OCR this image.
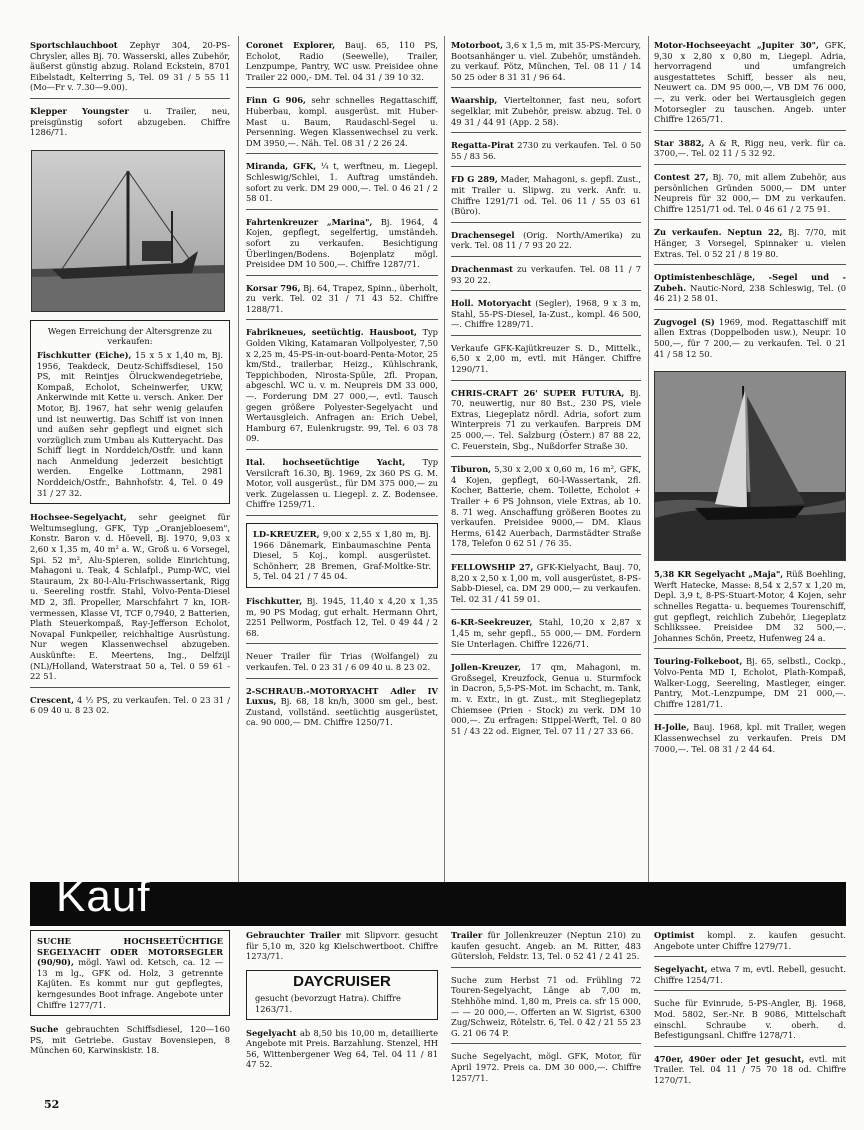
Sportschlauchboot Zephyr 304, 20-PS-Chrysler, alles Bj. 70. Wasserski, alles Zubehör, äußerst günstig abzug. Roland Eckstein, 8701 Eibelstadt, Kelterring 5, Tel. 09 31 / 5 55 11 (Mo—Fr v. 7.30—9.00).
Klepper Youngster u. Trailer, neu, preisgünstig sofort abzugeben. Chiffre 1286/71.
Wegen Erreichung der Altersgrenze zu verkaufen:
Fischkutter (Eiche), 15 x 5 x 1,40 m, Bj. 1956, Teakdeck, Deutz-Schiffsdiesel, 150 PS, mit Reintjes Ölruckwendegetriebe, Kompaß, Echolot, Scheinwerfer, UKW, Ankerwinde mit Kette u. versch. Anker. Der Motor, Bj. 1967, hat sehr wenig gelaufen und ist neuwertig. Das Schiff ist von innen und außen sehr gepflegt und eignet sich vorzüglich zum Umbau als Kutteryacht. Das Schiff liegt in Norddeich/Ostfr. und kann nach Anmeldung jederzeit besichtigt werden. Engelke Lottmann, 2981 Norddeich/Ostfr., Bahnhofstr. 4, Tel. 0 49 31 / 27 32.
Hochsee-Segelyacht, sehr geeignet für Weltumseglung, GFK, Typ „Oranjebloesem", Konstr. Baron v. d. Höevell, Bj. 1970, 9,03 x 2,60 x 1,35 m, 40 m² a. W., Groß u. 6 Vorsegel, Spi. 52 m², Alu-Spieren, solide Einrichtung, Mahagoni u. Teak, 4 Schlafpl., Pump-WC, viel Stauraum, 2x 80-l-Alu-Frischwassertank, Rigg u. Seereling rostfr. Stahl, Volvo-Penta-Diesel MD 2, 3fl. Propeller, Marschfahrt 7 kn, IOR-vermessen, Klasse VI, TCF 0,7940, 2 Batterien, Plath Steuerkompaß, Ray-Jefferson Echolot, Novapal Funkpeiler, reichhaltige Ausrüstung. Nur wegen Klassenwechsel abzugeben. Auskünfte: E. Meertens, Ing., Delfzijl (NL)/Holland, Waterstraat 50 a, Tel. 0 59 61 - 22 51.
Crescent, 4 ½ PS, zu verkaufen. Tel. 0 23 31 / 6 09 40 u. 8 23 02.
Coronet Explorer, Bauj. 65, 110 PS, Echolot, Radio (Seewelle), Trailer, Lenzpumpe, Pantry, WC usw. Preisidee ohne Trailer 22 000,- DM. Tel. 04 31 / 39 10 32.
Finn G 906, sehr schnelles Regattaschiff, Huberbau, kompl. ausgerüst. mit Huber-Mast u. Baum, Raudaschl-Segel u. Persenning. Wegen Klassenwechsel zu verk. DM 3950,—. Näh. Tel. 08 31 / 2 26 24.
Miranda, GFK, ¼ t, werftneu, m. Liegepl. Schleswig/Schlei, 1. Auftrag umständeh. sofort zu verk. DM 29 000,—. Tel. 0 46 21 / 2 58 01.
Fahrtenkreuzer „Marina", Bj. 1964, 4 Kojen, gepflegt, segelfertig, umständeh. sofort zu verkaufen. Besichtigung Überlingen/Bodens. Bojenplatz mögl. Preisidee DM 10 500,—. Chiffre 1287/71.
Korsar 796, Bj. 64, Trapez, Spinn., überholt, zu verk. Tel. 02 31 / 71 43 52. Chiffre 1288/71.
Fabrikneues, seetüchtig. Hausboot, Typ Golden Viking, Katamaran Vollpolyester, 7,50 x 2,25 m, 45-PS-in-out-board-Penta-Motor, 25 km/Std., trailerbar, Heizg., Kühlschrank, Teppichboden, Nirosta-Spüle, 2fl. Propan, abgeschl. WC u. v. m. Neupreis DM 33 000,—. Forderung DM 27 000,—, evtl. Tausch gegen größere Polyester-Segelyacht und Wertausgleich. Anfragen an: Erich Uebel, Hamburg 67, Eulenkrugstr. 99, Tel. 6 03 78 09.
Ital. hochseetüchtige Yacht, Typ Versilcraft 16.30, Bj. 1969, 2x 360 PS G. M. Motor, voll ausgerüst., für DM 375 000,— zu verk. Zugelassen u. Liegepl. z. Z. Bodensee. Chiffre 1259/71.
LD-KREUZER, 9,00 x 2,55 x 1,80 m, Bj. 1966 Dänemark, Einbaumaschine Penta Diesel, 5 Koj., kompl. ausgerüstet. Schönherr, 28 Bremen, Graf-Moltke-Str. 5, Tel. 04 21 / 7 45 04.
Fischkutter, Bj. 1945, 11,40 x 4,20 x 1,35 m, 90 PS Modag, gut erhalt. Hermann Ohrt, 2251 Pellworm, Postfach 12, Tel. 0 49 44 / 2 68.
Neuer Trailer für Trias (Wolfangel) zu verkaufen. Tel. 0 23 31 / 6 09 40 u. 8 23 02.
2-SCHRAUB.-MOTORYACHT Adler IV Luxus, Bj. 68, 18 kn/h, 3000 sm gel., best. Zustand, vollständ. seetüchtig ausgerüstet, ca. 90 000,— DM. Chiffre 1250/71.
Motorboot, 3,6 x 1,5 m, mit 35-PS-Mercury, Bootsanhänger u. viel. Zubehör, umständeh. zu verkauf. Pötz, München, Tel. 08 11 / 14 50 25 oder 8 31 31 / 96 64.
Waarship, Vierteltonner, fast neu, sofort segelklar, mit Zubehör, preisw. abzug. Tel. 0 49 31 / 44 91 (App. 2 58).
Regatta-Pirat 2730 zu verkaufen. Tel. 0 50 55 / 83 56.
FD G 289, Mader, Mahagoni, s. gepfl. Zust., mit Trailer u. Slipwg. zu verk. Anfr. u. Chiffre 1291/71 od. Tel. 06 11 / 55 03 61 (Büro).
Drachensegel (Orig. North/Amerika) zu verk. Tel. 08 11 / 7 93 20 22.
Drachenmast zu verkaufen. Tel. 08 11 / 7 93 20 22.
Holl. Motoryacht (Segler), 1968, 9 x 3 m, Stahl, 55-PS-Diesel, Ia-Zust., kompl. 46 500,—. Chiffre 1289/71.
Verkaufe GFK-Kajütkreuzer S. D., Mittelk., 6,50 x 2,00 m, evtl. mit Hänger. Chiffre 1290/71.
CHRIS-CRAFT 26' SUPER FUTURA, Bj. 70, neuwertig, nur 80 Bst., 230 PS, viele Extras, Liegeplatz nördl. Adria, sofort zum Winterpreis 71 zu verkaufen. Barpreis DM 25 000,—. Tel. Salzburg (Österr.) 87 88 22, C. Feuerstein, Sbg., Nußdorfer Straße 30.
Tiburon, 5,30 x 2,00 x 0,60 m, 16 m², GFK, 4 Kojen, gepflegt, 60-l-Wassertank, 2fl. Kocher, Batterie, chem. Toilette, Echolot + Trailer + 6 PS Johnson, viele Extras, ab 10. 8. 71 weg. Anschaffung größeren Bootes zu verkaufen. Preisidee 9000,— DM. Klaus Herms, 6142 Auerbach, Darmstädter Straße 178, Telefon 0 62 51 / 76 35.
FELLOWSHIP 27, GFK-Kielyacht, Bauj. 70, 8,20 x 2,50 x 1,00 m, voll ausgerüstet, 8-PS-Sabb-Diesel, ca. DM 29 000,— zu verkaufen. Tel. 02 31 / 41 59 01.
6-KR-Seekreuzer, Stahl, 10,20 x 2,87 x 1,45 m, sehr gepfl., 55 000,— DM. Fordern Sie Unterlagen. Chiffre 1226/71.
Jollen-Kreuzer, 17 qm, Mahagoni, m. Großsegel, Kreuzfock, Genua u. Sturmfock in Dacron, 5,5-PS-Mot. im Schacht, m. Tank, m. v. Extr., in gt. Zust., mit Stegliegeplatz Chiemsee (Prien - Stock) zu verk. DM 10 000,—. Zu erfragen: Stippel-Werft, Tel. 0 80 51 / 43 22 od. Eigner, Tel. 07 11 / 27 33 66.
Motor-Hochseeyacht „Jupiter 30", GFK, 9,30 x 2,80 x 0,80 m, Liegepl. Adria, hervorragend und umfangreich ausgestattetes Schiff, besser als neu, Neuwert ca. DM 95 000,—, VB DM 76 000,—, zu verk. oder bei Wertausgleich gegen Motorsegler zu tauschen. Angeb. unter Chiffre 1265/71.
Star 3882, A & R, Rigg neu, verk. für ca. 3700,—. Tel. 02 11 / 5 32 92.
Contest 27, Bj. 70, mit allem Zubehör, aus persönlichen Gründen 5000,— DM unter Neupreis für 32 000,— DM zu verkaufen. Chiffre 1251/71 od. Tel. 0 46 61 / 2 75 91.
Zu verkaufen. Neptun 22, Bj. 7/70, mit Hänger, 3 Vorsegel, Spinnaker u. vielen Extras. Tel. 0 52 21 / 8 19 80.
Optimistenbeschläge, -Segel und -Zubeh. Nautic-Nord, 238 Schleswig, Tel. (0 46 21) 2 58 01.
Zugvogel (S) 1969, mod. Regattaschiff mit allen Extras (Doppelboden usw.), Neupr. 10 500,—, für 7 200,— zu verkaufen. Tel. 0 21 41 / 58 12 50.
5,38 KR Segelyacht „Maja", Rüß Boehling, Werft Hatecke, Masse: 8,54 x 2,57 x 1,20 m, Depl. 3,9 t, 8-PS-Stuart-Motor, 4 Kojen, sehr schnelles Regatta- u. bequemes Tourenschiff, gut gepflegt, reichlich Zubehör, Liegeplatz Schlikssee. Preisidee DM 32 500,—. Johannes Schön, Preetz, Hufenweg 24 a.
Touring-Folkeboot, Bj. 65, selbstl., Cockp., Volvo-Penta MD I, Echolot, Plath-Kompaß, Walker-Logg, Seereling, Mastleger, einger. Pantry, Mot.-Lenzpumpe, DM 21 000,—. Chiffre 1281/71.
H-Jolle, Bauj. 1968, kpl. mit Trailer, wegen Klassenwechsel zu verkaufen. Preis DM 7000,—. Tel. 08 31 / 2 44 64.
Kauf
SUCHE HOCHSEETÜCHTIGE SEGELYACHT ODER MOTORSEGLER (90/90), mögl. Yawl od. Ketsch, ca. 12 — 13 m lg., GFK od. Holz, 3 getrennte Kajüten. Es kommt nur gut gepflegtes, kerngesundes Boot infrage. Angebote unter Chiffre 1277/71.
Suche gebrauchten Schiffsdiesel, 120—160 PS, mit Getriebe. Gustav Bovensiepen, 8 München 60, Karwinskistr. 18.
Gebrauchter Trailer mit Slipvorr. gesucht für 5,10 m, 320 kg Kielschwertboot. Chiffre 1273/71.
DAYCRUISER
gesucht (bevorzugt Hatra). Chiffre 1263/71.
Segelyacht ab 8,50 bis 10,00 m, detaillierte Angebote mit Preis. Barzahlung. Stenzel, HH 56, Wittenbergener Weg 64, Tel. 04 11 / 81 47 52.
Trailer für Jollenkreuzer (Neptun 210) zu kaufen gesucht. Angeb. an M. Ritter, 483 Gütersloh, Feldstr. 13, Tel. 0 52 41 / 2 41 25.
Suche zum Herbst 71 od. Frühling 72 Touren-Segelyacht, Länge ab 7,00 m, Stehhöhe mind. 1,80 m, Preis ca. sfr 15 000,— — 20 000,—. Offerten an W. Sigrist, 6300 Zug/Schweiz, Rötelstr. 6, Tel. 0 42 / 21 55 23 G. 21 06 74 P.
Suche Segelyacht, mögl. GFK, Motor, für April 1972. Preis ca. DM 30 000,—. Chiffre 1257/71.
Optimist kompl. z. kaufen gesucht. Angebote unter Chiffre 1279/71.
Segelyacht, etwa 7 m, evtl. Rebell, gesucht. Chiffre 1254/71.
Suche für Evinrude, 5-PS-Angler, Bj. 1968, Mod. 5802, Ser.-Nr. B 9086, Mittelschaft einschl. Schraube v. oberh. d. Befestigungsanl. Chiffre 1278/71.
470er, 490er oder Jet gesucht, evtl. mit Trailer. Tel. 04 11 / 75 70 18 od. Chiffre 1270/71.
52
